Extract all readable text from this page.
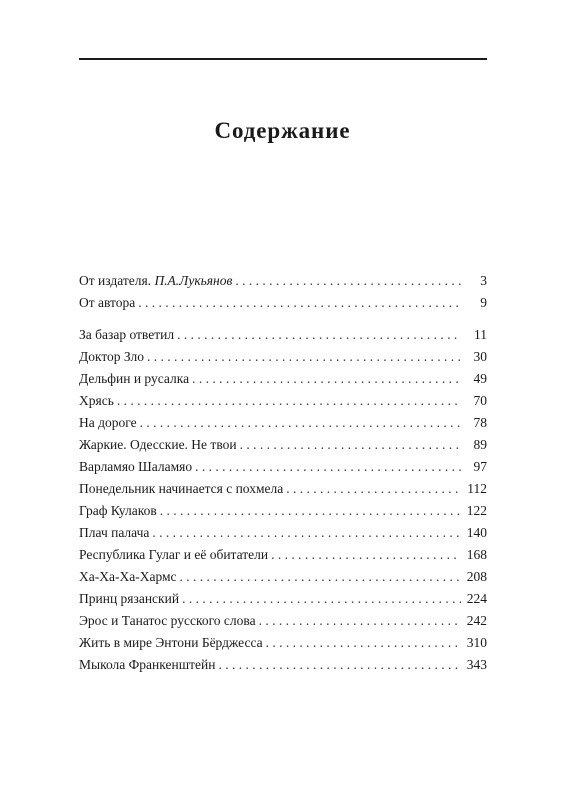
Содержание
От издателя. П.А.Лукьянов . . .	3
От автора . . .	9
За базар ответил . . .	11
Доктор Зло . . .	30
Дельфин и русалка . . .	49
Хрясь . . .	70
На дороге . . .	78
Жаркие. Одесские. Не твои . . .	89
Варламяо Шаламяо . . .	97
Понедельник начинается с похмела . . .	112
Граф Кулаков . . .	122
Плач палача . . .	140
Республика Гулаг и её обитатели . . .	168
Ха-Ха-Ха-Хармс . . .	208
Принц рязанский . . .	224
Эрос и Танатос русского слова . . .	242
Жить в мире Энтони Бёрджесса . . .	310
Мыкола Франкенштейн . . .	343
